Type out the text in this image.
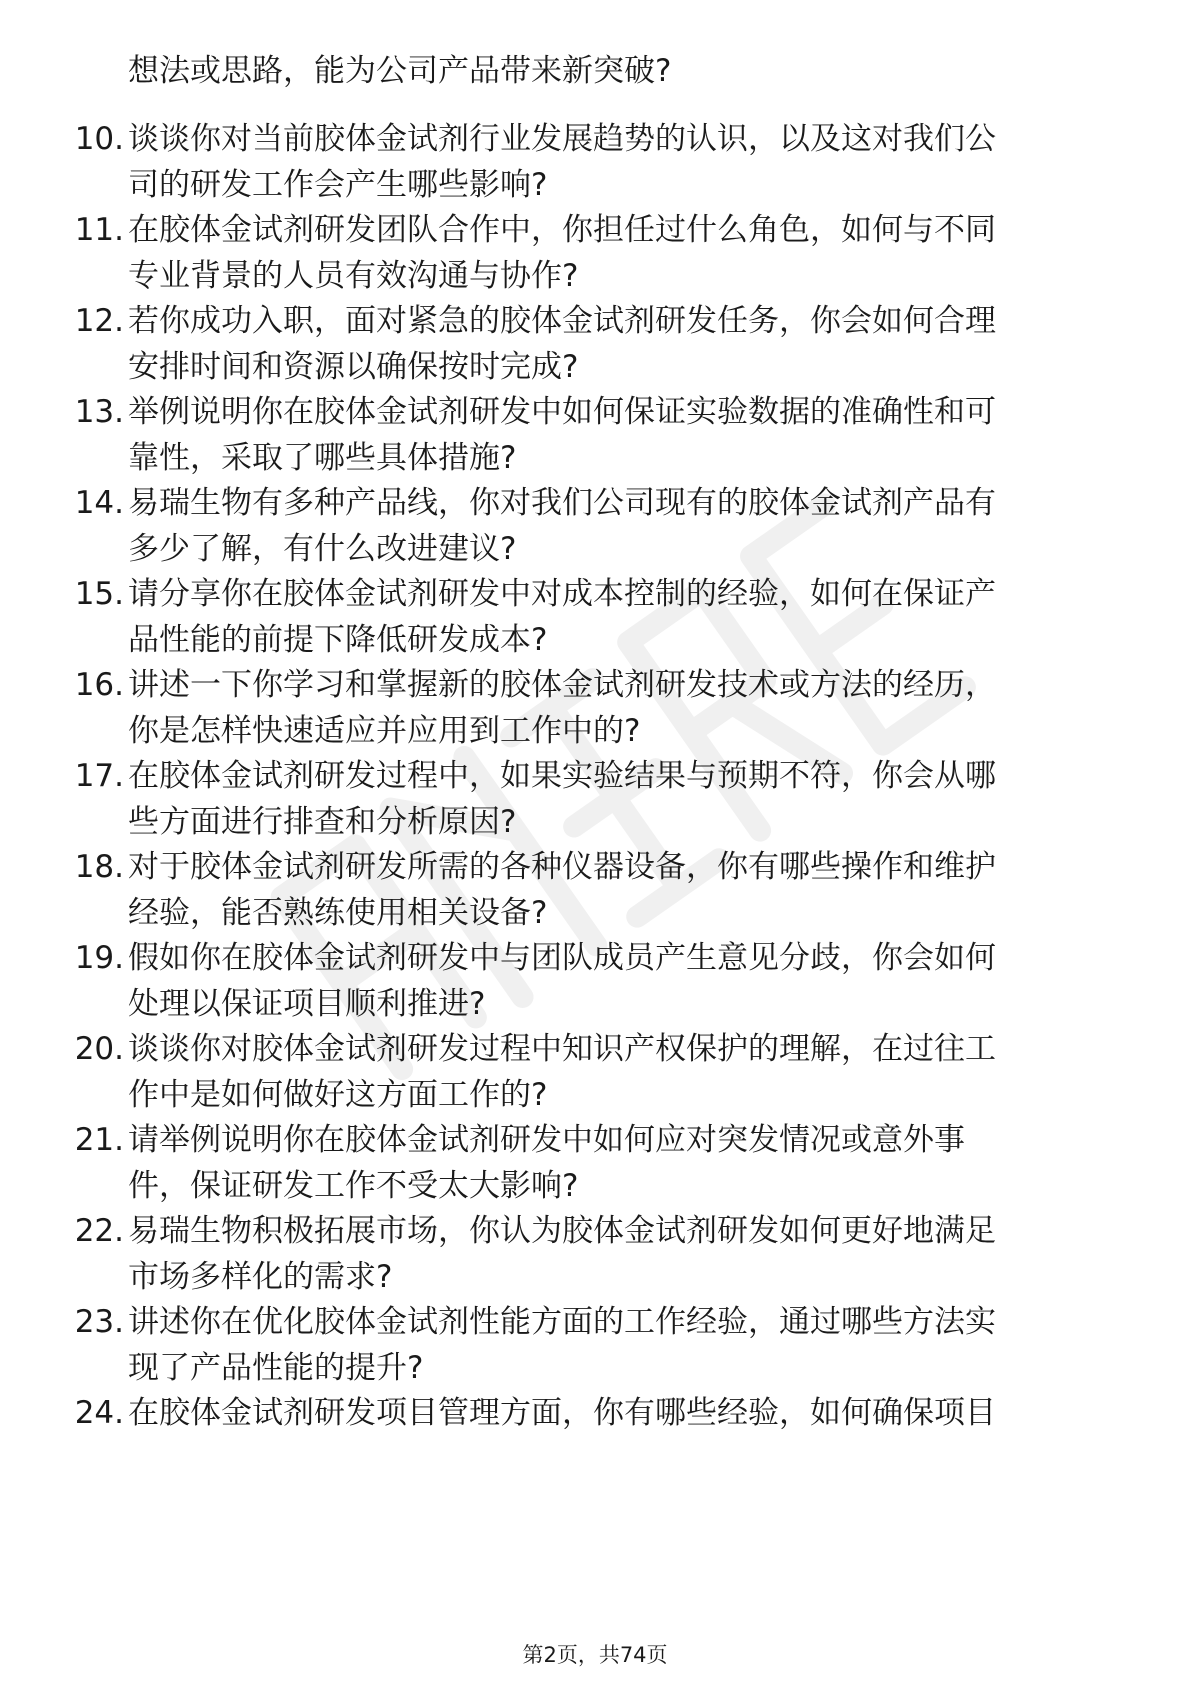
想法或思路，能为公司产品带来新突破?
10. 谈谈你对当前胶体金试剂行业发展趋势的认识，以及这对我们公
司的研发工作会产生哪些影响?
11. 在胶体金试剂研发团队合作中，你担任过什么角色，如何与不同
专业背景的人员有效沟通与协作?
12. 若你成功入职，面对紧急的胶体金试剂研发任务，你会如何合理
安排时间和资源以确保按时完成?
13. 举例说明你在胶体金试剂研发中如何保证实验数据的准确性和可
靠性，采取了哪些具体措施?
14. 易瑞生物有多种产品线，你对我们公司现有的胶体金试剂产品有
多少了解，有什么改进建议?
15. 请分享你在胶体金试剂研发中对成本控制的经验，如何在保证产
品性能的前提下降低研发成本?
16. 讲述一下你学习和掌握新的胶体金试剂研发技术或方法的经历，
你是怎样快速适应并应用到工作中的?
17. 在胶体金试剂研发过程中，如果实验结果与预期不符，你会从哪
些方面进行排查和分析原因?
18. 对于胶体金试剂研发所需的各种仪器设备，你有哪些操作和维护
经验，能否熟练使用相关设备?
19. 假如你在胶体金试剂研发中与团队成员产生意见分歧，你会如何
处理以保证项目顺利推进?
20. 谈谈你对胶体金试剂研发过程中知识产权保护的理解，在过往工
作中是如何做好这方面工作的?
21. 请举例说明你在胶体金试剂研发中如何应对突发情况或意外事
件，保证研发工作不受太大影响?
22. 易瑞生物积极拓展市场，你认为胶体金试剂研发如何更好地满足
市场多样化的需求?
23. 讲述你在优化胶体金试剂性能方面的工作经验，通过哪些方法实
现了产品性能的提升?
24. 在胶体金试剂研发项目管理方面，你有哪些经验，如何确保项目
第2页，共74页
